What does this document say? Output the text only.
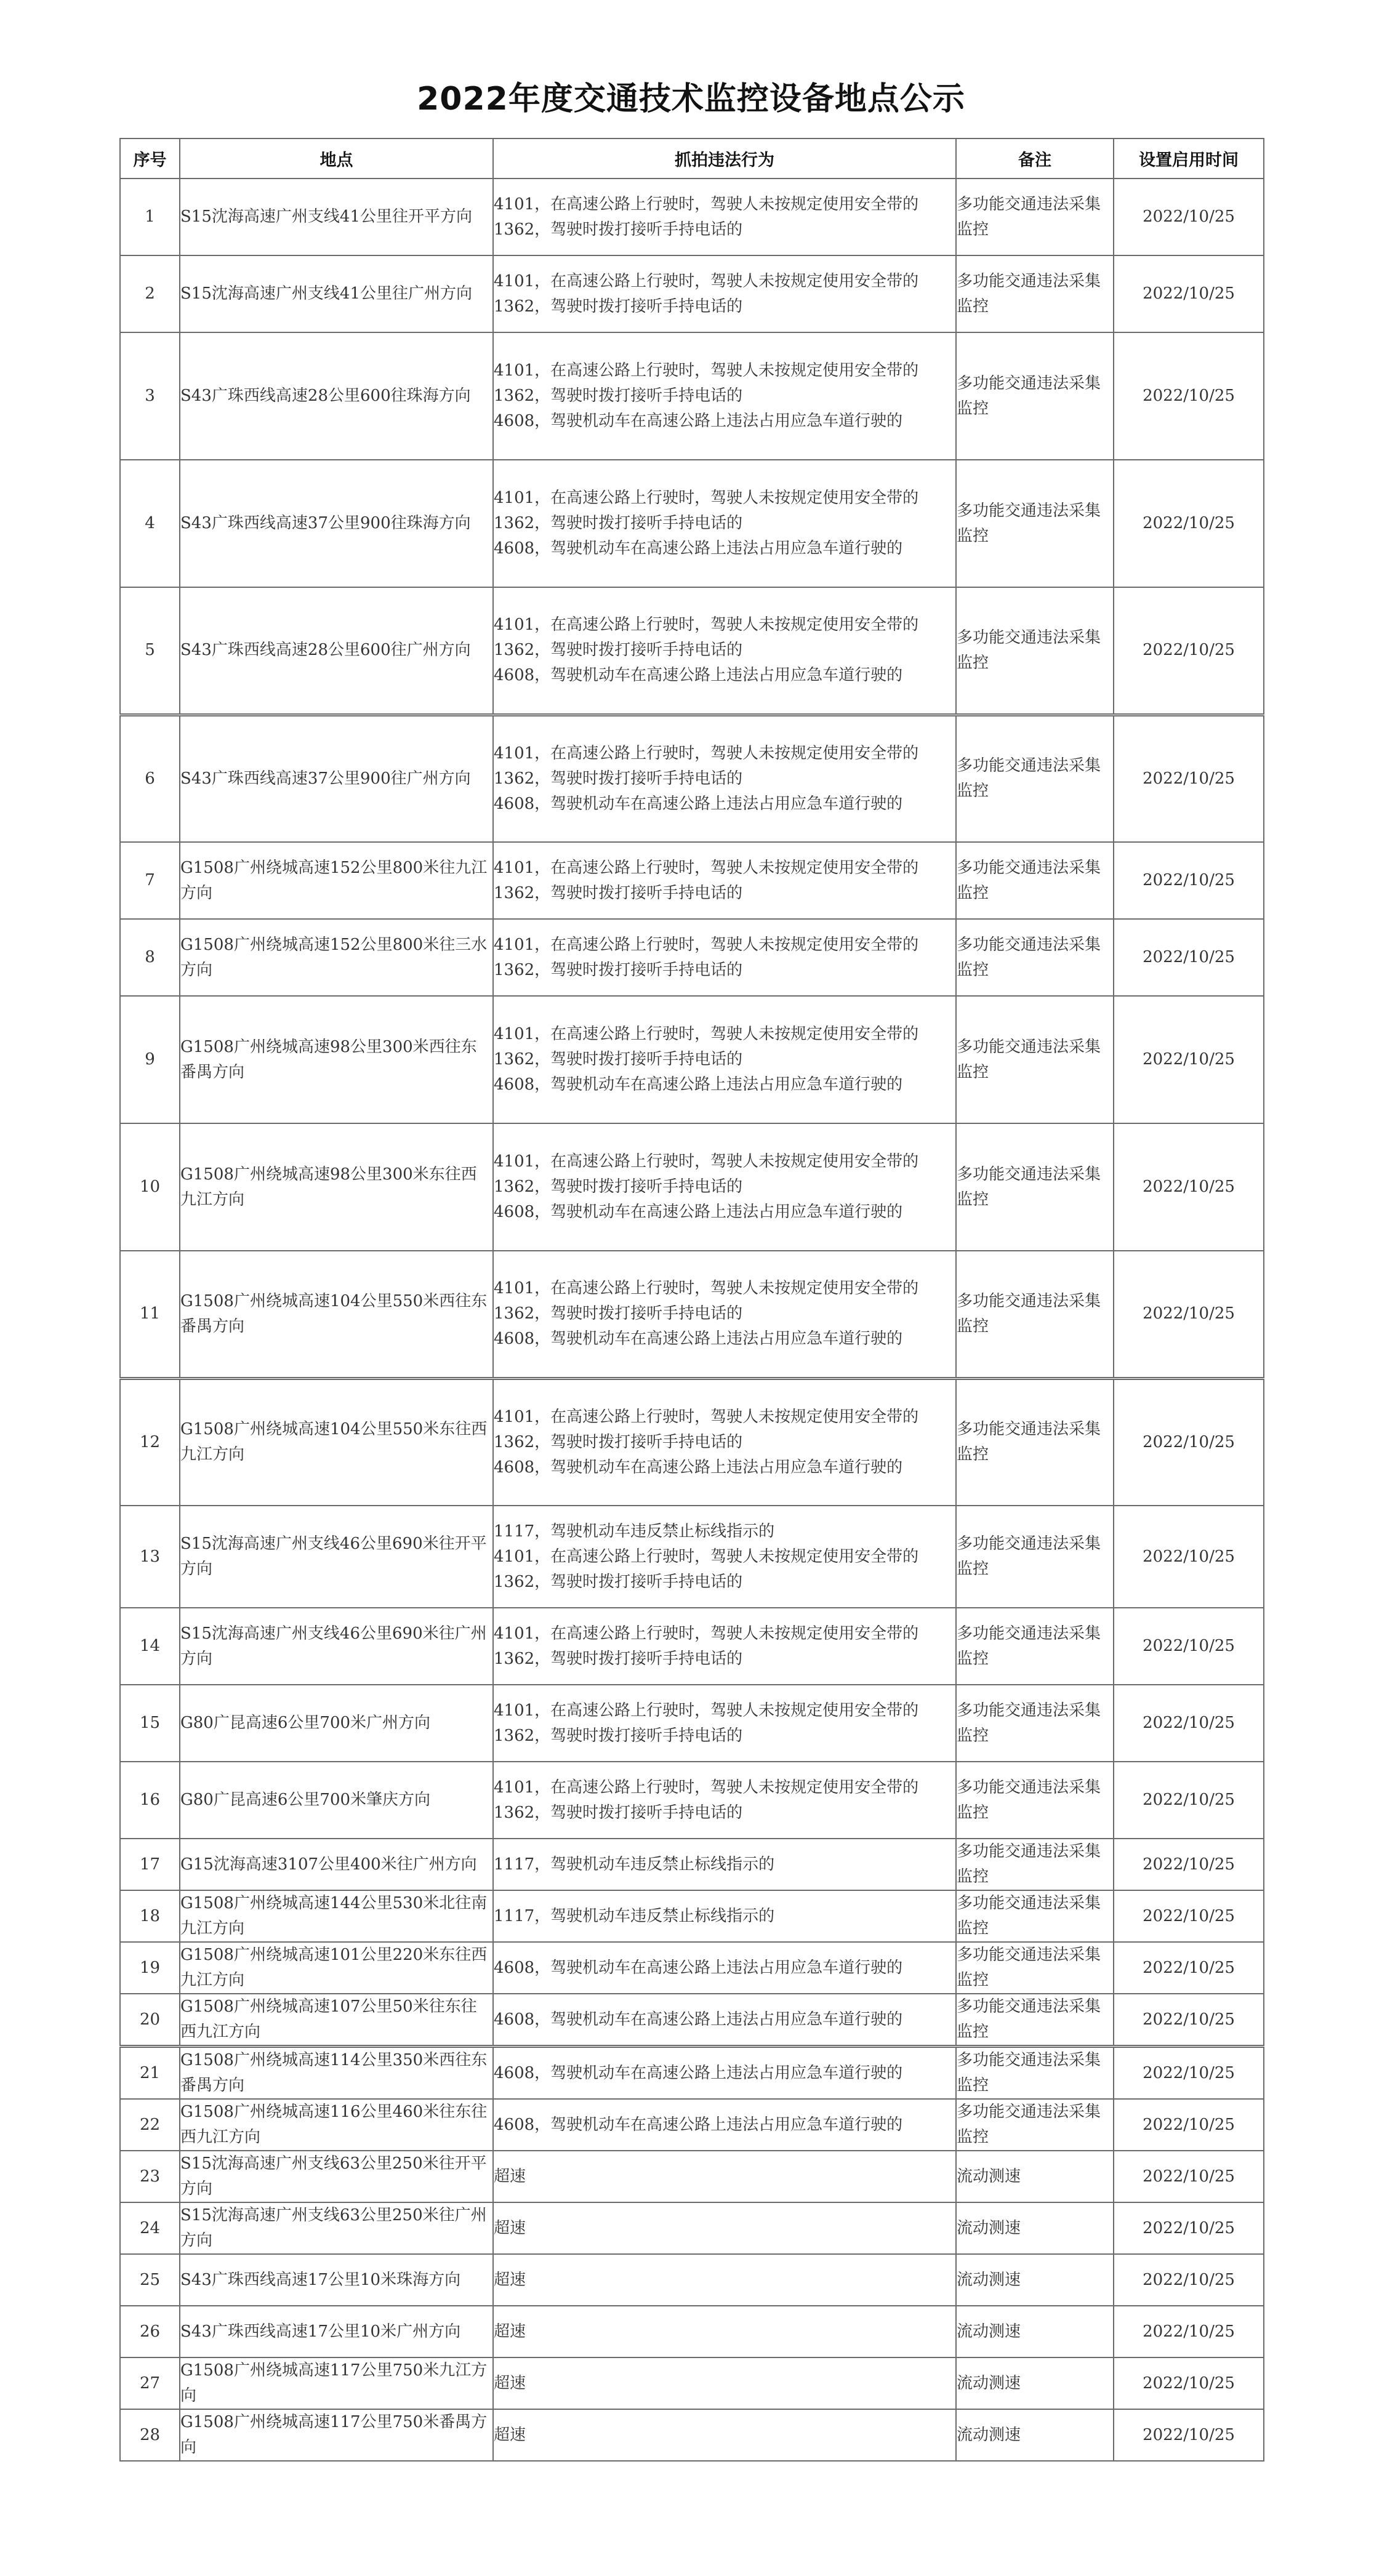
2022年度交通技术监控设备地点公示
序号	地点	抓拍违法行为	备注	设置启用时间
1	S15沈海高速广州支线41公里往开平方向	4101，在高速公路上行驶时，驾驶人未按规定使用安全带的
1362，驾驶时拨打接听手持电话的	多功能交通违法采集监控	2022/10/25
2	S15沈海高速广州支线41公里往广州方向	4101，在高速公路上行驶时，驾驶人未按规定使用安全带的
1362，驾驶时拨打接听手持电话的	多功能交通违法采集监控	2022/10/25
3	S43广珠西线高速28公里600往珠海方向	4101，在高速公路上行驶时，驾驶人未按规定使用安全带的
1362，驾驶时拨打接听手持电话的
4608，驾驶机动车在高速公路上违法占用应急车道行驶的	多功能交通违法采集监控	2022/10/25
4	S43广珠西线高速37公里900往珠海方向	4101，在高速公路上行驶时，驾驶人未按规定使用安全带的
1362，驾驶时拨打接听手持电话的
4608，驾驶机动车在高速公路上违法占用应急车道行驶的	多功能交通违法采集监控	2022/10/25
5	S43广珠西线高速28公里600往广州方向	4101，在高速公路上行驶时，驾驶人未按规定使用安全带的
1362，驾驶时拨打接听手持电话的
4608，驾驶机动车在高速公路上违法占用应急车道行驶的	多功能交通违法采集监控	2022/10/25
6	S43广珠西线高速37公里900往广州方向	4101，在高速公路上行驶时，驾驶人未按规定使用安全带的
1362，驾驶时拨打接听手持电话的
4608，驾驶机动车在高速公路上违法占用应急车道行驶的	多功能交通违法采集监控	2022/10/25
7	G1508广州绕城高速152公里800米往九江方向	4101，在高速公路上行驶时，驾驶人未按规定使用安全带的
1362，驾驶时拨打接听手持电话的	多功能交通违法采集监控	2022/10/25
8	G1508广州绕城高速152公里800米往三水方向	4101，在高速公路上行驶时，驾驶人未按规定使用安全带的
1362，驾驶时拨打接听手持电话的	多功能交通违法采集监控	2022/10/25
9	G1508广州绕城高速98公里300米西往东番禺方向	4101，在高速公路上行驶时，驾驶人未按规定使用安全带的
1362，驾驶时拨打接听手持电话的
4608，驾驶机动车在高速公路上违法占用应急车道行驶的	多功能交通违法采集监控	2022/10/25
10	G1508广州绕城高速98公里300米东往西九江方向	4101，在高速公路上行驶时，驾驶人未按规定使用安全带的
1362，驾驶时拨打接听手持电话的
4608，驾驶机动车在高速公路上违法占用应急车道行驶的	多功能交通违法采集监控	2022/10/25
11	G1508广州绕城高速104公里550米西往东番禺方向	4101，在高速公路上行驶时，驾驶人未按规定使用安全带的
1362，驾驶时拨打接听手持电话的
4608，驾驶机动车在高速公路上违法占用应急车道行驶的	多功能交通违法采集监控	2022/10/25
12	G1508广州绕城高速104公里550米东往西九江方向	4101，在高速公路上行驶时，驾驶人未按规定使用安全带的
1362，驾驶时拨打接听手持电话的
4608，驾驶机动车在高速公路上违法占用应急车道行驶的	多功能交通违法采集监控	2022/10/25
13	S15沈海高速广州支线46公里690米往开平方向	1117，驾驶机动车违反禁止标线指示的
4101，在高速公路上行驶时，驾驶人未按规定使用安全带的
1362，驾驶时拨打接听手持电话的	多功能交通违法采集监控	2022/10/25
14	S15沈海高速广州支线46公里690米往广州方向	4101，在高速公路上行驶时，驾驶人未按规定使用安全带的
1362，驾驶时拨打接听手持电话的	多功能交通违法采集监控	2022/10/25
15	G80广昆高速6公里700米广州方向	4101，在高速公路上行驶时，驾驶人未按规定使用安全带的
1362，驾驶时拨打接听手持电话的	多功能交通违法采集监控	2022/10/25
16	G80广昆高速6公里700米肇庆方向	4101，在高速公路上行驶时，驾驶人未按规定使用安全带的
1362，驾驶时拨打接听手持电话的	多功能交通违法采集监控	2022/10/25
17	G15沈海高速3107公里400米往广州方向	1117，驾驶机动车违反禁止标线指示的	多功能交通违法采集监控	2022/10/25
18	G1508广州绕城高速144公里530米北往南九江方向	1117，驾驶机动车违反禁止标线指示的	多功能交通违法采集监控	2022/10/25
19	G1508广州绕城高速101公里220米东往西九江方向	4608，驾驶机动车在高速公路上违法占用应急车道行驶的	多功能交通违法采集监控	2022/10/25
20	G1508广州绕城高速107公里50米往东往西九江方向	4608，驾驶机动车在高速公路上违法占用应急车道行驶的	多功能交通违法采集监控	2022/10/25
21	G1508广州绕城高速114公里350米西往东番禺方向	4608，驾驶机动车在高速公路上违法占用应急车道行驶的	多功能交通违法采集监控	2022/10/25
22	G1508广州绕城高速116公里460米往东往西九江方向	4608，驾驶机动车在高速公路上违法占用应急车道行驶的	多功能交通违法采集监控	2022/10/25
23	S15沈海高速广州支线63公里250米往开平方向	超速	流动测速	2022/10/25
24	S15沈海高速广州支线63公里250米往广州方向	超速	流动测速	2022/10/25
25	S43广珠西线高速17公里10米珠海方向	超速	流动测速	2022/10/25
26	S43广珠西线高速17公里10米广州方向	超速	流动测速	2022/10/25
27	G1508广州绕城高速117公里750米九江方向	超速	流动测速	2022/10/25
28	G1508广州绕城高速117公里750米番禺方向	超速	流动测速	2022/10/25
